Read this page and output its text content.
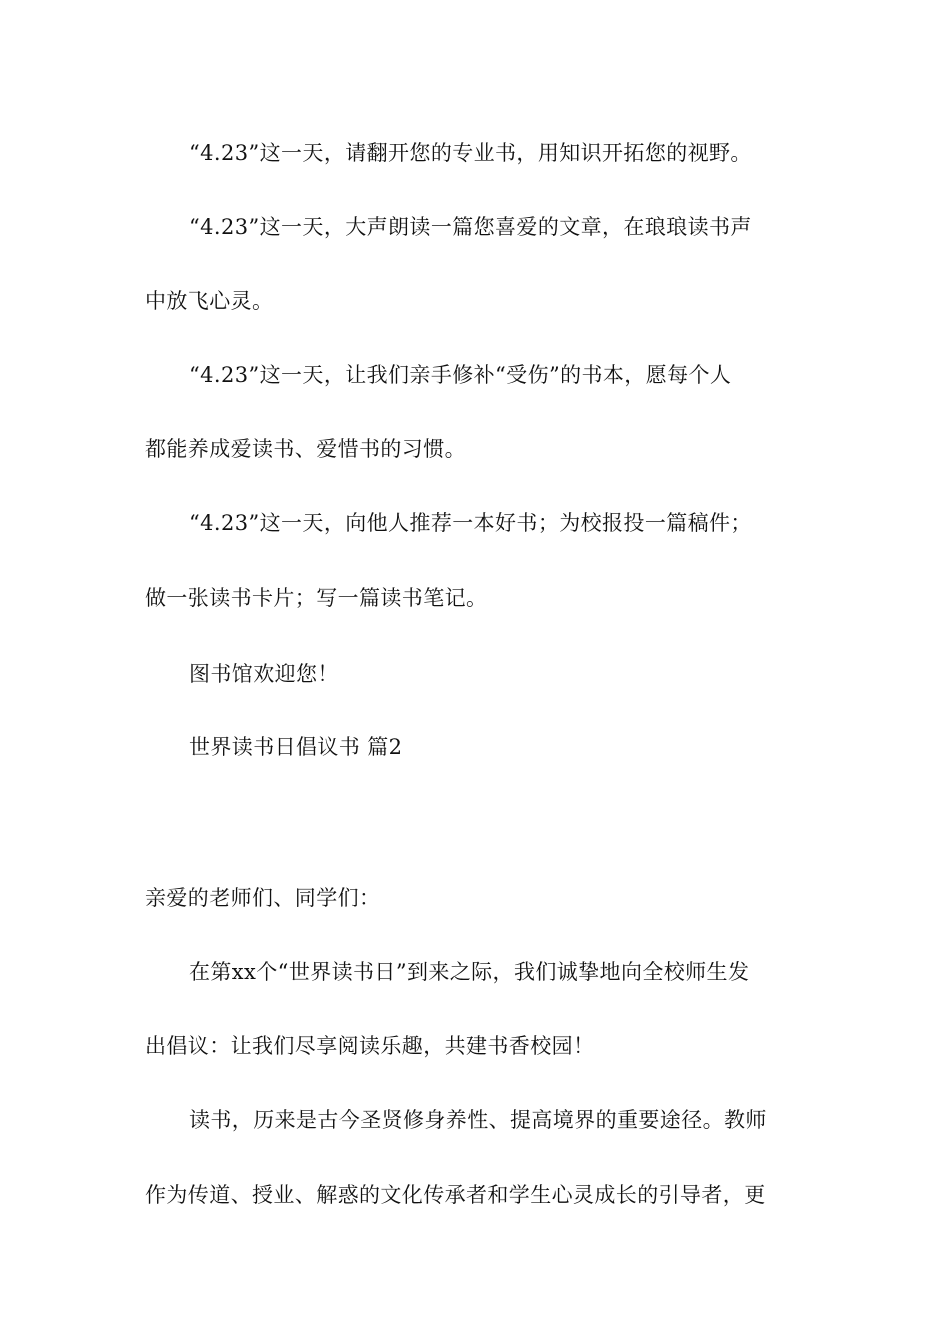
“4.23”这一天，请翻开您的专业书，用知识开拓您的视野。

“4.23”这一天，大声朗读一篇您喜爱的文章，在琅琅读书声

中放飞心灵。

“4.23”这一天，让我们亲手修补“受伤”的书本，愿每个人

都能养成爱读书、爱惜书的习惯。

“4.23”这一天，向他人推荐一本好书；为校报投一篇稿件；

做一张读书卡片；写一篇读书笔记。

图书馆欢迎您！

世界读书日倡议书 篇2

亲爱的老师们、同学们：

在第xx个“世界读书日”到来之际，我们诚挚地向全校师生发

出倡议：让我们尽享阅读乐趣，共建书香校园！

读书，历来是古今圣贤修身养性、提高境界的重要途径。教师

作为传道、授业、解惑的文化传承者和学生心灵成长的引导者，更
